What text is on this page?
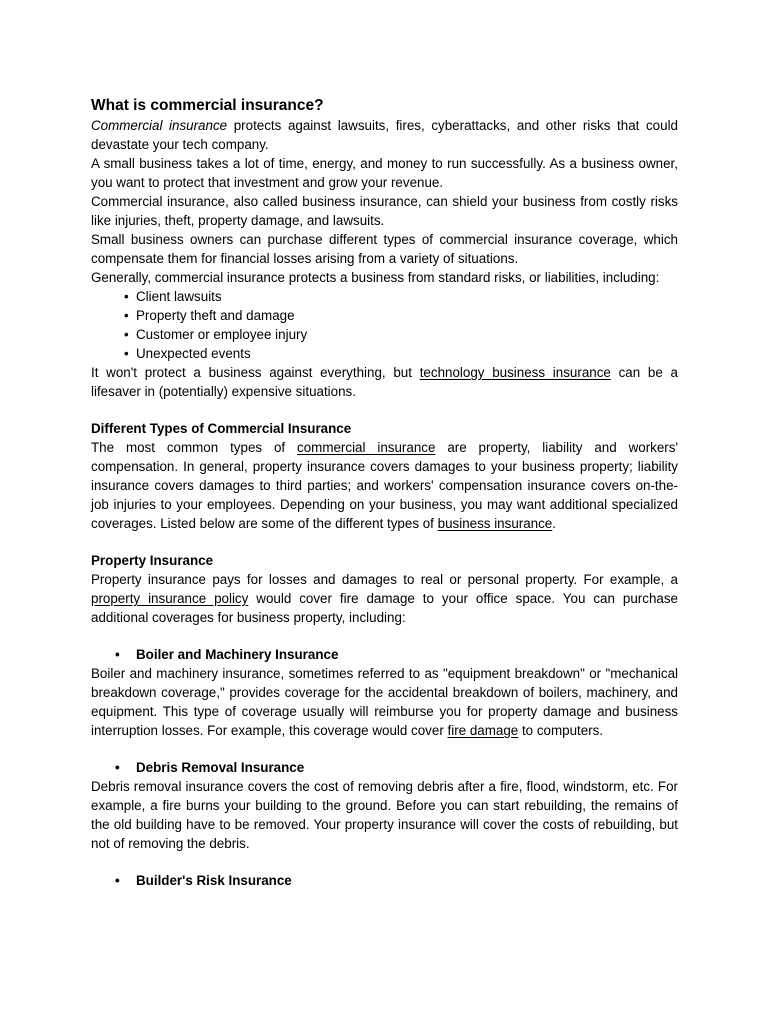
What is commercial insurance?

Commercial insurance protects against lawsuits, fires, cyberattacks, and other risks that could devastate your tech company.

A small business takes a lot of time, energy, and money to run successfully. As a business owner, you want to protect that investment and grow your revenue.

Commercial insurance, also called business insurance, can shield your business from costly risks like injuries, theft, property damage, and lawsuits.

Small business owners can purchase different types of commercial insurance coverage, which compensate them for financial losses arising from a variety of situations.

Generally, commercial insurance protects a business from standard risks, or liabilities, including:

• Client lawsuits
• Property theft and damage
• Customer or employee injury
• Unexpected events

It won't protect a business against everything, but technology business insurance can be a lifesaver in (potentially) expensive situations.

Different Types of Commercial Insurance

The most common types of commercial insurance are property, liability and workers' compensation. In general, property insurance covers damages to your business property; liability insurance covers damages to third parties; and workers' compensation insurance covers on-the-job injuries to your employees. Depending on your business, you may want additional specialized coverages. Listed below are some of the different types of business insurance.

Property Insurance

Property insurance pays for losses and damages to real or personal property. For example, a property insurance policy would cover fire damage to your office space. You can purchase additional coverages for business property, including:

• Boiler and Machinery Insurance

Boiler and machinery insurance, sometimes referred to as "equipment breakdown" or "mechanical breakdown coverage," provides coverage for the accidental breakdown of boilers, machinery, and equipment. This type of coverage usually will reimburse you for property damage and business interruption losses. For example, this coverage would cover fire damage to computers.

• Debris Removal Insurance

Debris removal insurance covers the cost of removing debris after a fire, flood, windstorm, etc. For example, a fire burns your building to the ground. Before you can start rebuilding, the remains of the old building have to be removed. Your property insurance will cover the costs of rebuilding, but not of removing the debris.

• Builder's Risk Insurance
